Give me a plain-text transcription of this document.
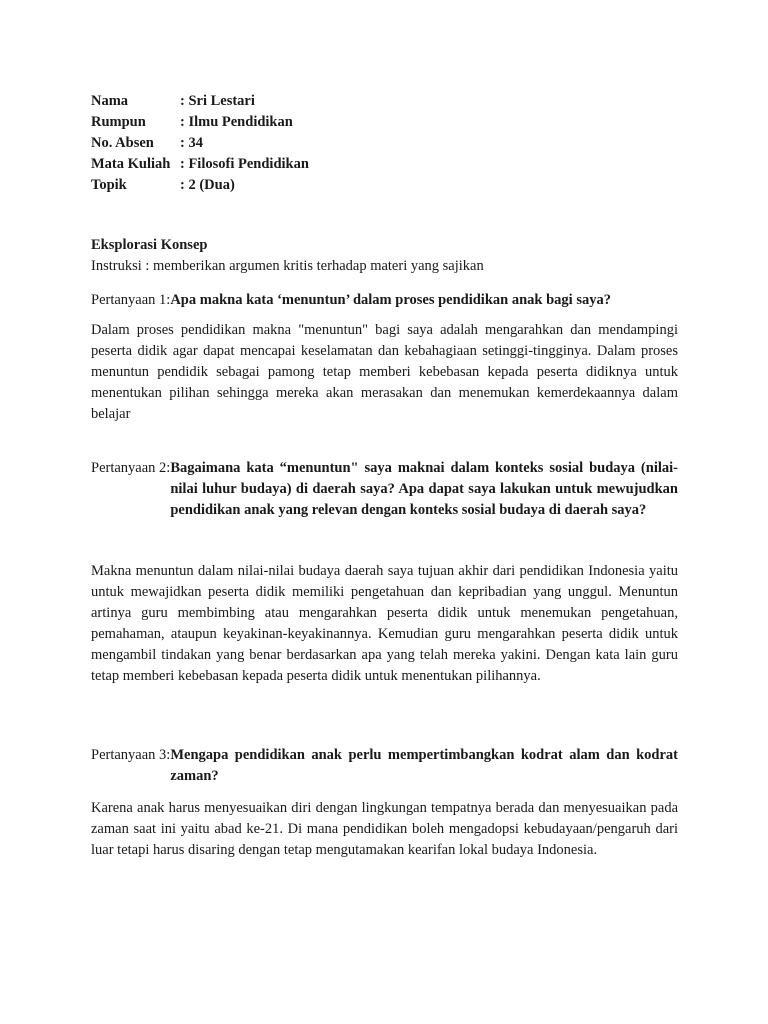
Nama	: Sri Lestari
Rumpun	: Ilmu Pendidikan
No. Absen	: 34
Mata Kuliah : Filosofi Pendidikan
Topik	: 2 (Dua)
Eksplorasi Konsep
Instruksi : memberikan argumen kritis terhadap materi yang sajikan
Pertanyaan 1: Apa makna kata ‘menuntun’ dalam proses pendidikan anak bagi saya?
Dalam proses pendidikan makna "menuntun" bagi saya adalah mengarahkan dan mendampingi peserta didik agar dapat mencapai keselamatan dan kebahagiaan setinggi-tingginya. Dalam proses menuntun pendidik sebagai pamong tetap memberi kebebasan kepada peserta didiknya untuk menentukan pilihan sehingga mereka akan merasakan dan menemukan kemerdekaannya dalam belajar
Pertanyaan 2: Bagaimana kata “menuntun" saya maknai dalam konteks sosial budaya (nilai-nilai luhur budaya) di daerah saya? Apa dapat saya lakukan untuk mewujudkan pendidikan anak yang relevan dengan konteks sosial budaya di daerah saya?
Makna menuntun dalam nilai-nilai budaya daerah saya tujuan akhir dari pendidikan Indonesia yaitu untuk mewajidkan peserta didik memiliki pengetahuan dan kepribadian yang unggul. Menuntun artinya guru membimbing atau mengarahkan peserta didik untuk menemukan pengetahuan, pemahaman, ataupun keyakinan-keyakinannya. Kemudian guru mengarahkan peserta didik untuk mengambil tindakan yang benar berdasarkan apa yang telah mereka yakini. Dengan kata lain guru tetap memberi kebebasan kepada peserta didik untuk menentukan pilihannya.
Pertanyaan 3: Mengapa pendidikan anak perlu mempertimbangkan kodrat alam dan kodrat zaman?
Karena anak harus menyesuaikan diri dengan lingkungan tempatnya berada dan menyesuaikan pada zaman saat ini yaitu abad ke-21. Di mana pendidikan boleh mengadopsi kebudayaan/pengaruh dari luar tetapi harus disaring dengan tetap mengutamakan kearifan lokal budaya Indonesia.
